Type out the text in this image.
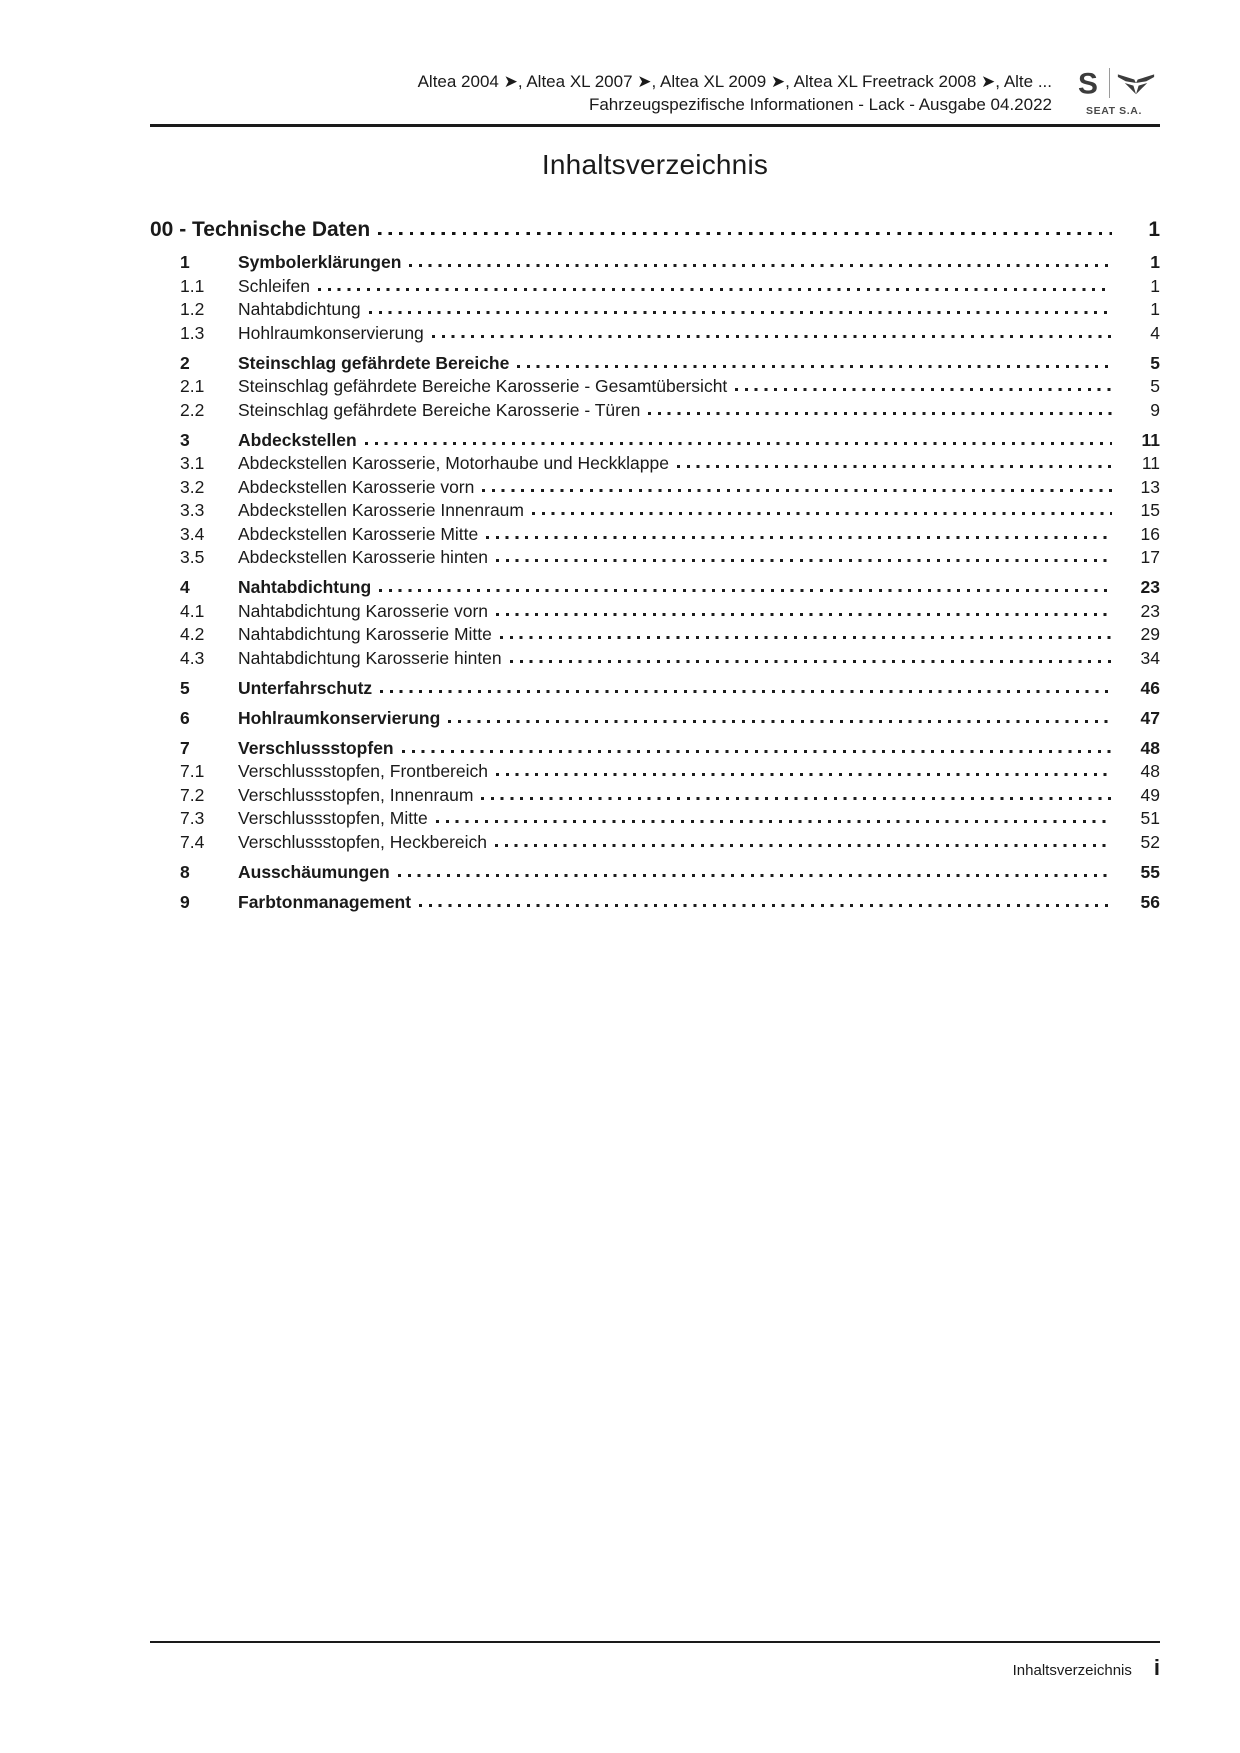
Altea 2004 ➤, Altea XL 2007 ➤, Altea XL 2009 ➤, Altea XL Freetrack 2008 ➤, Alte ...
Fahrzeugspezifische Informationen - Lack - Ausgabe 04.2022
S
SEAT S.A.
Inhaltsverzeichnis
00 - Technische Daten	1
1	Symbolerklärungen	1
1.1	Schleifen	1
1.2	Nahtabdichtung	1
1.3	Hohlraumkonservierung	4
2	Steinschlag gefährdete Bereiche	5
2.1	Steinschlag gefährdete Bereiche Karosserie - Gesamtübersicht	5
2.2	Steinschlag gefährdete Bereiche Karosserie - Türen	9
3	Abdeckstellen	11
3.1	Abdeckstellen Karosserie, Motorhaube und Heckklappe	11
3.2	Abdeckstellen Karosserie vorn	13
3.3	Abdeckstellen Karosserie Innenraum	15
3.4	Abdeckstellen Karosserie Mitte	16
3.5	Abdeckstellen Karosserie hinten	17
4	Nahtabdichtung	23
4.1	Nahtabdichtung Karosserie vorn	23
4.2	Nahtabdichtung Karosserie Mitte	29
4.3	Nahtabdichtung Karosserie hinten	34
5	Unterfahrschutz	46
6	Hohlraumkonservierung	47
7	Verschlussstopfen	48
7.1	Verschlussstopfen, Frontbereich	48
7.2	Verschlussstopfen, Innenraum	49
7.3	Verschlussstopfen, Mitte	51
7.4	Verschlussstopfen, Heckbereich	52
8	Ausschäumungen	55
9	Farbtonmanagement	56
Inhaltsverzeichnis i
